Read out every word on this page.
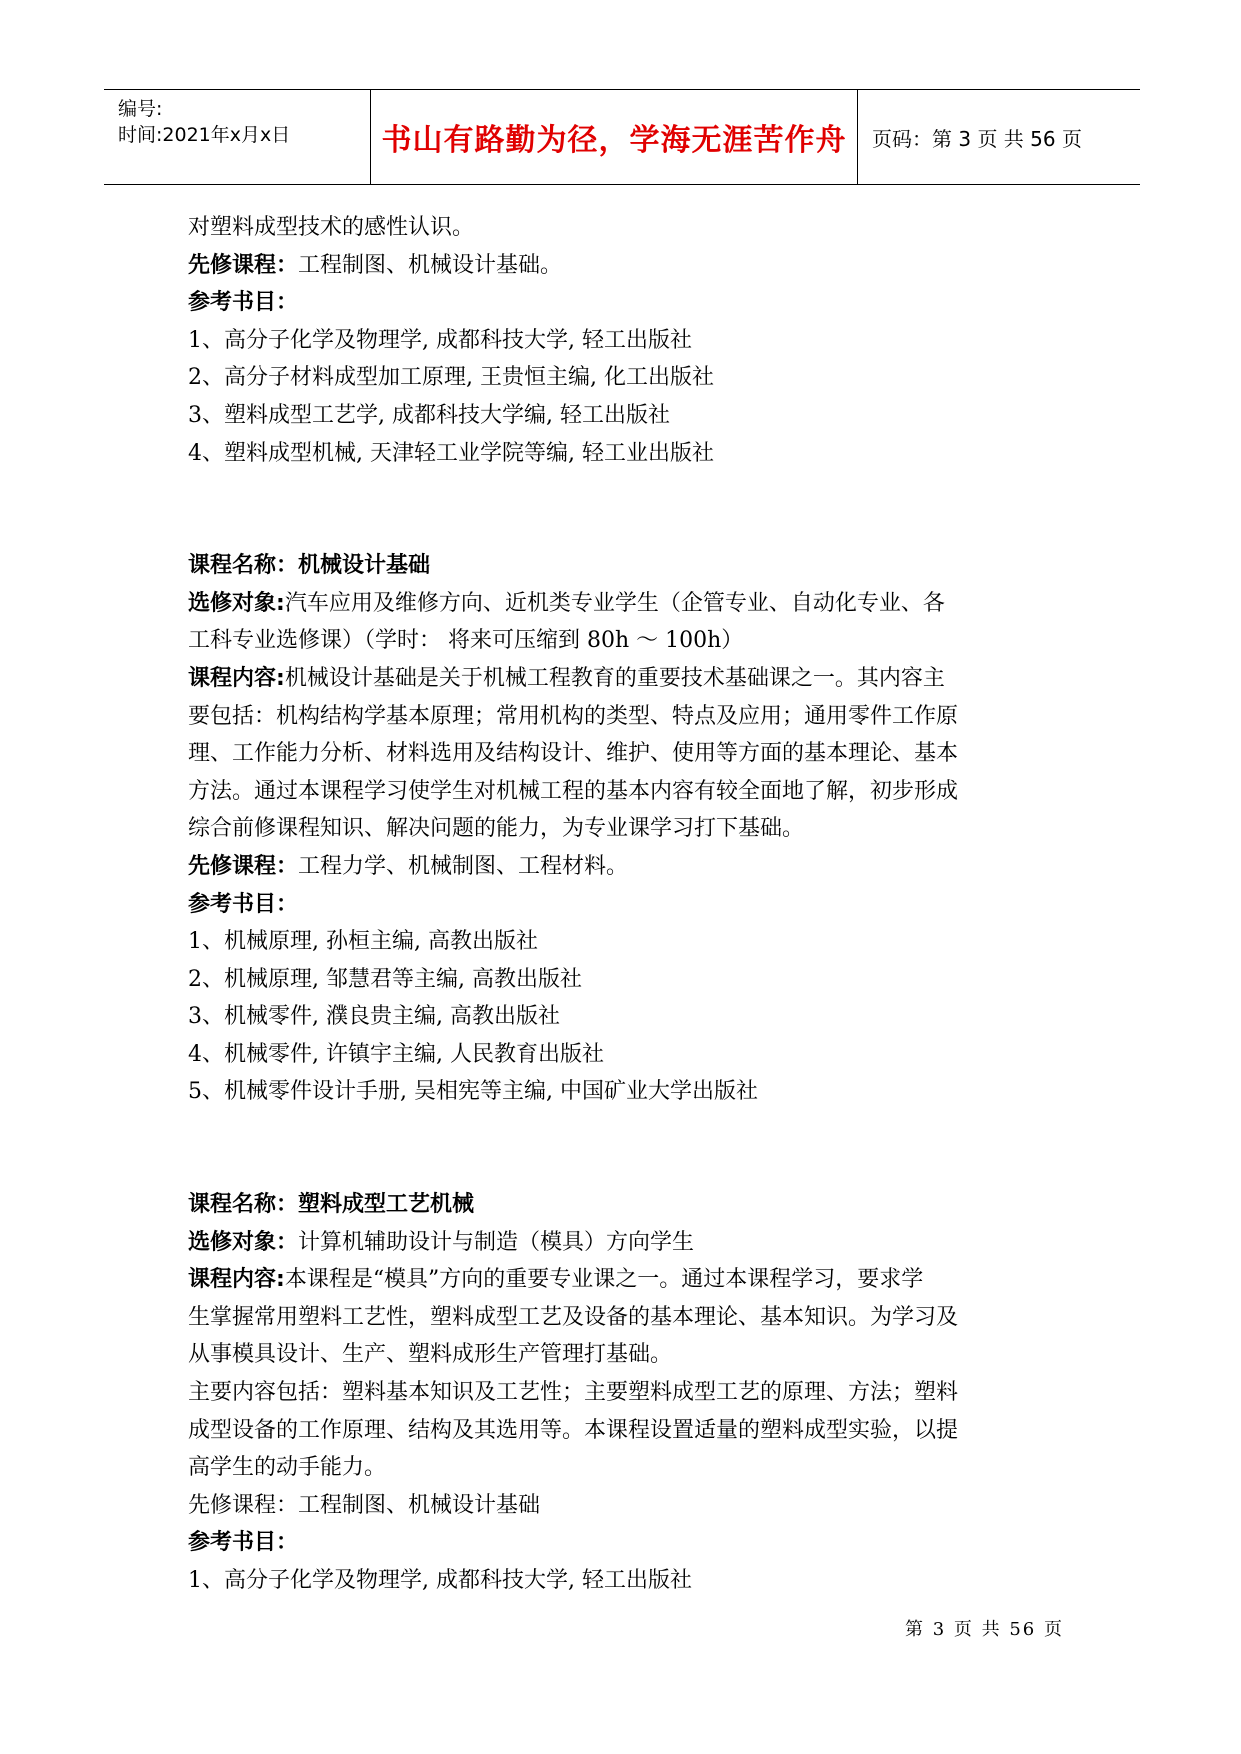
编号:
时间:2021年x月x日	书山有路勤为径，学海无涯苦作舟 页码：第 3 页 共 56 页

对塑料成型技术的感性认识。

先修课程：工程制图、机械设计基础。

参考书目：

1、高分子化学及物理学, 成都科技大学, 轻工出版社

2、高分子材料成型加工原理, 王贵恒主编, 化工出版社

3、塑料成型工艺学, 成都科技大学编, 轻工出版社

4、塑料成型机械, 天津轻工业学院等编, 轻工业出版社

课程名称：机械设计基础

选修对象:汽车应用及维修方向、近机类专业学生（企管专业、自动化专业、各

工科专业选修课）（学时： 将来可压缩到 80h ～ 100h）

课程内容:机械设计基础是关于机械工程教育的重要技术基础课之一。其内容主

要包括：机构结构学基本原理；常用机构的类型、特点及应用；通用零件工作原

理、工作能力分析、材料选用及结构设计、维护、使用等方面的基本理论、基本

方法。通过本课程学习使学生对机械工程的基本内容有较全面地了解，初步形成

综合前修课程知识、解决问题的能力，为专业课学习打下基础。

先修课程：工程力学、机械制图、工程材料。

参考书目：

1、机械原理, 孙桓主编, 高教出版社

2、机械原理, 邹慧君等主编, 高教出版社

3、机械零件, 濮良贵主编, 高教出版社

4、机械零件, 许镇宇主编, 人民教育出版社

5、机械零件设计手册, 吴相宪等主编, 中国矿业大学出版社

课程名称：塑料成型工艺机械

选修对象：计算机辅助设计与制造（模具）方向学生

课程内容:本课程是“模具”方向的重要专业课之一。通过本课程学习，要求学

生掌握常用塑料工艺性，塑料成型工艺及设备的基本理论、基本知识。为学习及

从事模具设计、生产、塑料成形生产管理打基础。

主要内容包括：塑料基本知识及工艺性；主要塑料成型工艺的原理、方法；塑料

成型设备的工作原理、结构及其选用等。本课程设置适量的塑料成型实验，以提

高学生的动手能力。

先修课程：工程制图、机械设计基础

参考书目：

1、高分子化学及物理学, 成都科技大学, 轻工出版社

第 3 页 共 56 页
